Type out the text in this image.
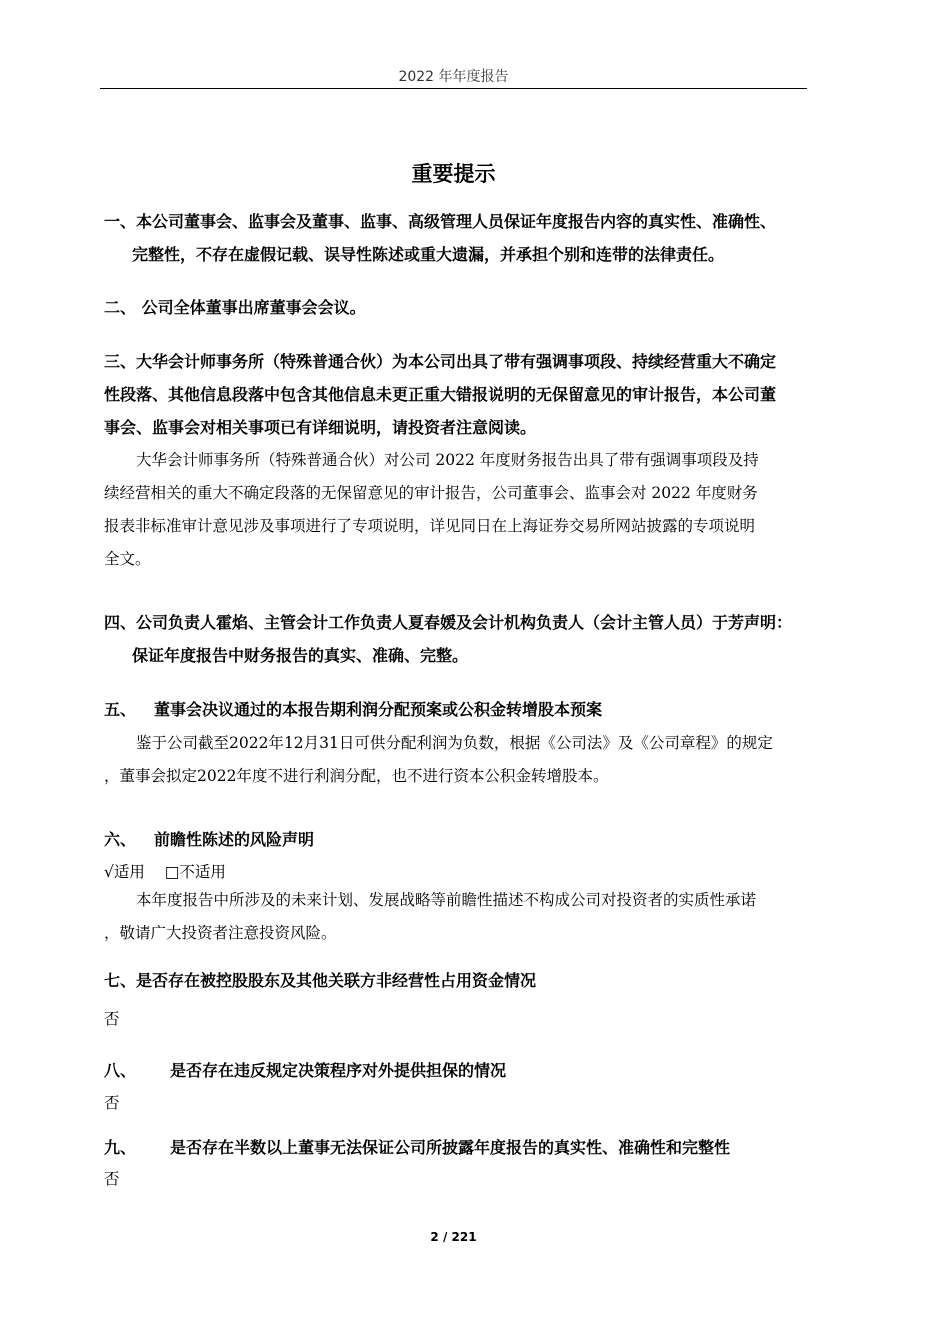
2022 年年度报告
重要提示
一、本公司董事会、监事会及董事、监事、高级管理人员保证年度报告内容的真实性、准确性、
完整性，不存在虚假记载、误导性陈述或重大遗漏，并承担个别和连带的法律责任。
二、 公司全体董事出席董事会会议。
三、大华会计师事务所（特殊普通合伙）为本公司出具了带有强调事项段、持续经营重大不确定
性段落、其他信息段落中包含其他信息未更正重大错报说明的无保留意见的审计报告，本公司董
事会、监事会对相关事项已有详细说明，请投资者注意阅读。
大华会计师事务所（特殊普通合伙）对公司 2022 年度财务报告出具了带有强调事项段及持
续经营相关的重大不确定段落的无保留意见的审计报告，公司董事会、监事会对 2022 年度财务
报表非标准审计意见涉及事项进行了专项说明，详见同日在上海证券交易所网站披露的专项说明
全文。
四、公司负责人霍焰、主管会计工作负责人夏春媛及会计机构负责人（会计主管人员）于芳声明：
保证年度报告中财务报告的真实、准确、完整。
五、 董事会决议通过的本报告期利润分配预案或公积金转增股本预案
鉴于公司截至2022年12月31日可供分配利润为负数，根据《公司法》及《公司章程》的规定
，董事会拟定2022年度不进行利润分配，也不进行资本公积金转增股本。
六、 前瞻性陈述的风险声明
√适用 □不适用
本年度报告中所涉及的未来计划、发展战略等前瞻性描述不构成公司对投资者的实质性承诺
，敬请广大投资者注意投资风险。
七、是否存在被控股股东及其他关联方非经营性占用资金情况
否
八、 是否存在违反规定决策程序对外提供担保的情况
否
九、 是否存在半数以上董事无法保证公司所披露年度报告的真实性、准确性和完整性
否
2 / 221
